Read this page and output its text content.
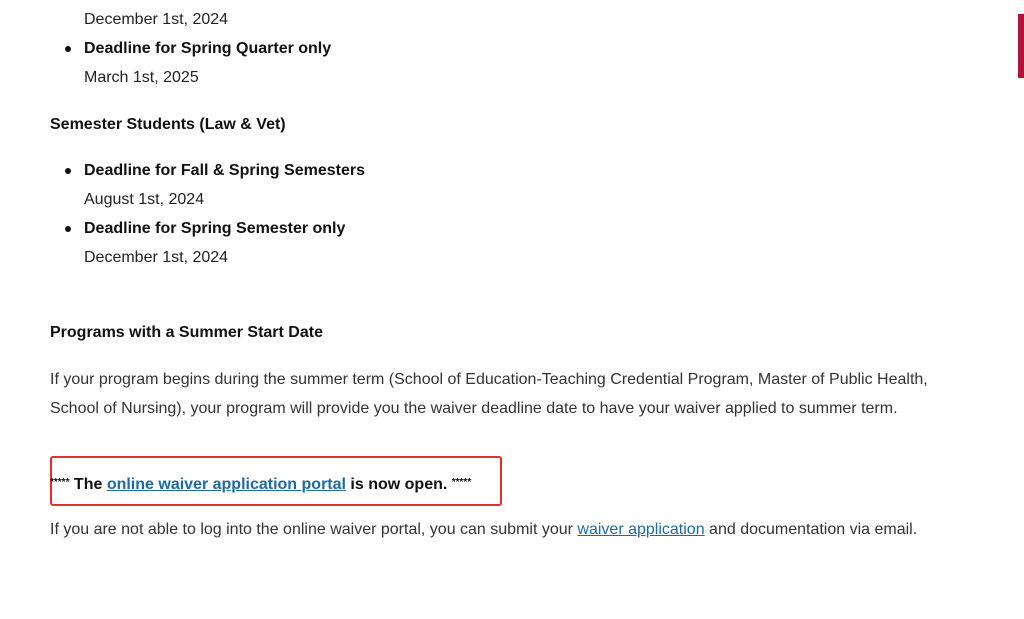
December 1st, 2024
Deadline for Spring Quarter only
March 1st, 2025
Semester Students (Law & Vet)
Deadline for Fall & Spring Semesters
August 1st, 2024
Deadline for Spring Semester only
December 1st, 2024
Programs with a Summer Start Date
If your program begins during the summer term (School of Education-Teaching Credential Program, Master of Public Health, School of Nursing), your program will provide you the waiver deadline date to have your waiver applied to summer term.
***** The online waiver application portal is now open. *****
If you are not able to log into the online waiver portal, you can submit your waiver application and documentation via email.
